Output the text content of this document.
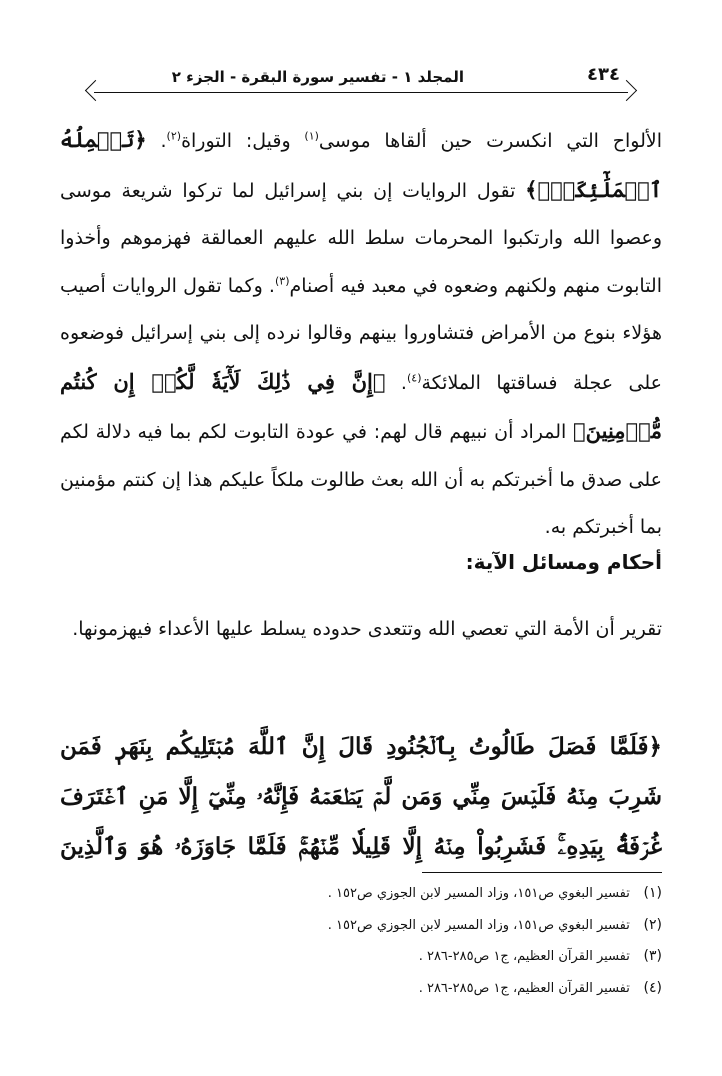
٤٣٤
المجلد ١ - تفسير سورة البقرة - الجزء ٢

الألواح التي انكسرت حين ألقاها موسى$^{(١)}$ وقيل: التوراة$^{(٢)}$. ﴿تَحۡمِلُهُ ٱلۡمَلَٰٓئِكَةُۚ﴾ تقول الروايات إن بني إسرائيل لما تركوا شريعة موسى وعصوا الله وارتكبوا المحرمات سلط الله عليهم العمالقة فهزموهم وأخذوا التابوت منهم ولكنهم وضعوه في معبد فيه أصنام$^{(٣)}$. وكما تقول الروايات أصيب هؤلاء بنوع من الأمراض فتشاوروا بينهم وقالوا نرده إلى بني إسرائيل فوضعوه على عجلة فساقتها الملائكة$^{(٤)}$. ﴿إِنَّ فِي ذَٰلِكَ لَأٓيَةٗ لَّكُمۡ إِن كُنتُم مُّؤۡمِنِينَ﴾ المراد أن نبيهم قال لهم: في عودة التابوت لكم بما فيه دلالة لكم على صدق ما أخبرتكم به أن الله بعث طالوت ملكاً عليكم هذا إن كنتم مؤمنين بما أخبرتكم به.

أحكام ومسائل الآية:

تقرير أن الأمة التي تعصي الله وتتعدى حدوده يسلط عليها الأعداء فيهزمونها.

﴿فَلَمَّا فَصَلَ طَالُوتُ بِٱلۡجُنُودِ قَالَ إِنَّ ٱللَّهَ مُبۡتَلِيكُم بِنَهَرٖ فَمَن شَرِبَ مِنۡهُ فَلَيۡسَ مِنِّي وَمَن لَّمۡ يَطۡعَمۡهُ فَإِنَّهُۥ مِنِّيٓ إِلَّا مَنِ ٱغۡتَرَفَ غُرۡفَةَۢ بِيَدِهِۦۚ فَشَرِبُواْ مِنۡهُ إِلَّا قَلِيلٗا مِّنۡهُمۡۚ فَلَمَّا جَاوَزَهُۥ هُوَ وَٱلَّذِينَ

(١) تفسير البغوي ص١٥١، وزاد المسير لابن الجوزي ص١٥٢ .
(٢) تفسير البغوي ص١٥١، وزاد المسير لابن الجوزي ص١٥٢ .
(٣) تفسير القرآن العظيم، ج١ ص٢٨٥-٢٨٦ .
(٤) تفسير القرآن العظيم، ج١ ص٢٨٥-٢٨٦ .
